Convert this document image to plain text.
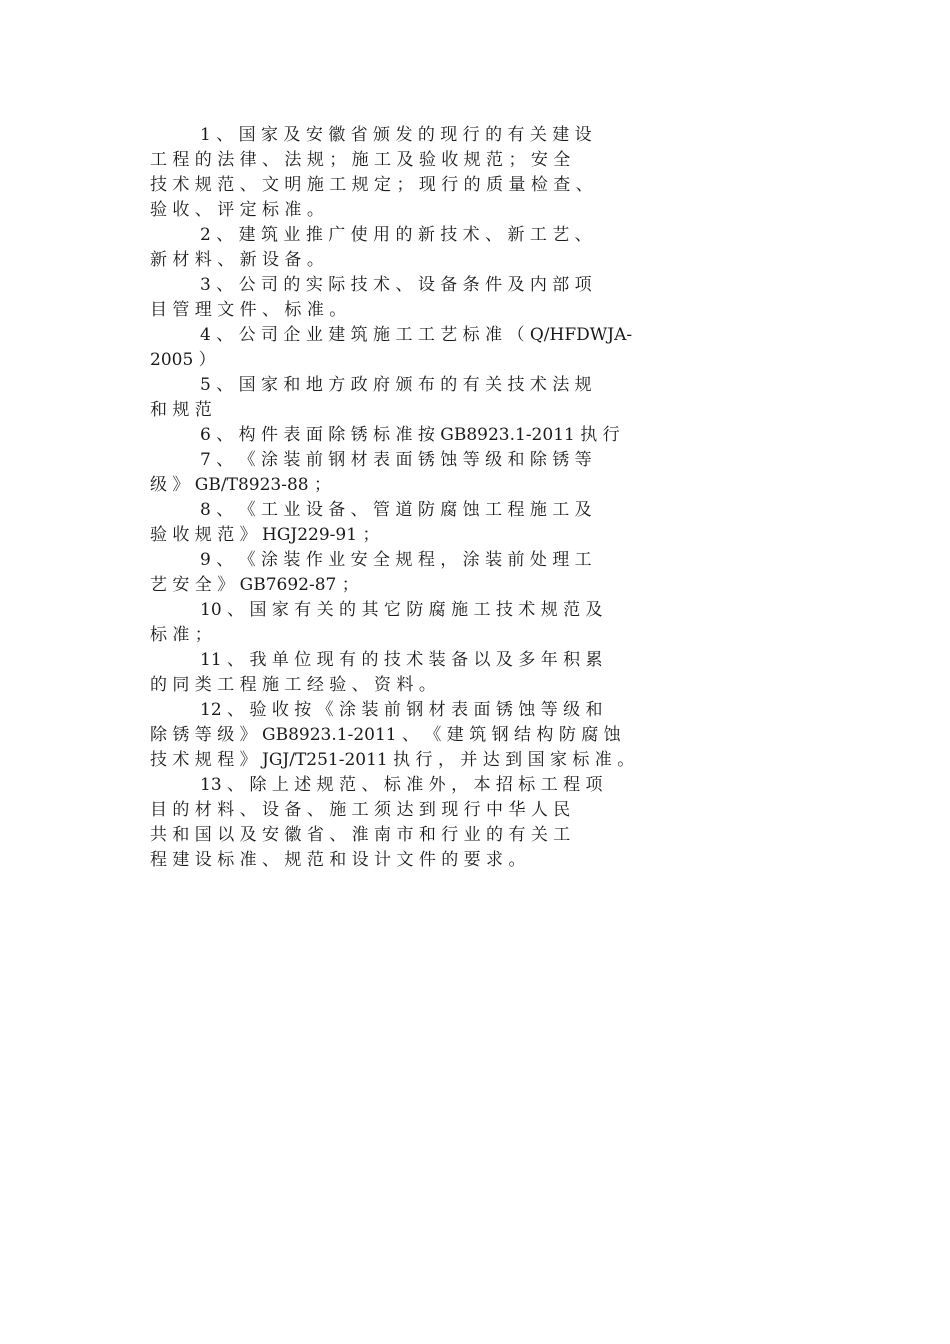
1 、 国 家 及 安 徽 省 颁 发 的 现 行 的 有 关 建 设
工 程 的 法 律 、 法 规 ； 施 工 及 验 收 规 范 ； 安 全
技 术 规 范 、 文 明 施 工 规 定 ； 现 行 的 质 量 检 查 、
验 收 、 评 定 标 准 。
2 、 建 筑 业 推 广 使 用 的 新 技 术 、 新 工 艺 、
新 材 料 、 新 设 备 。
3 、 公 司 的 实 际 技 术 、 设 备 条 件 及 内 部 项
目 管 理 文 件 、 标 准 。
4 、 公 司 企 业 建 筑 施 工 工 艺 标 准 （ Q/HFDWJA-
2005 ）
5 、 国 家 和 地 方 政 府 颁 布 的 有 关 技 术 法 规
和 规 范
6 、 构 件 表 面 除 锈 标 准 按 GB8923.1-2011 执 行
7 、 《 涂 装 前 钢 材 表 面 锈 蚀 等 级 和 除 锈 等
级 》 GB/T8923-88 ；
8 、 《 工 业 设 备 、 管 道 防 腐 蚀 工 程 施 工 及
验 收 规 范 》 HGJ229-91 ；
9 、 《 涂 装 作 业 安 全 规 程 ， 涂 装 前 处 理 工
艺 安 全 》 GB7692-87 ；
10 、 国 家 有 关 的 其 它 防 腐 施 工 技 术 规 范 及
标 准 ；
11 、 我 单 位 现 有 的 技 术 装 备 以 及 多 年 积 累
的 同 类 工 程 施 工 经 验 、 资 料 。
12 、 验 收 按 《 涂 装 前 钢 材 表 面 锈 蚀 等 级 和
除 锈 等 级 》 GB8923.1-2011 、 《 建 筑 钢 结 构 防 腐 蚀
技 术 规 程 》 JGJ/T251-2011 执 行 ， 并 达 到 国 家 标 准 。
13 、 除 上 述 规 范 、 标 准 外 ， 本 招 标 工 程 项
目 的 材 料 、 设 备 、 施 工 须 达 到 现 行 中 华 人 民
共 和 国 以 及 安 徽 省 、 淮 南 市 和 行 业 的 有 关 工
程 建 设 标 准 、 规 范 和 设 计 文 件 的 要 求 。
